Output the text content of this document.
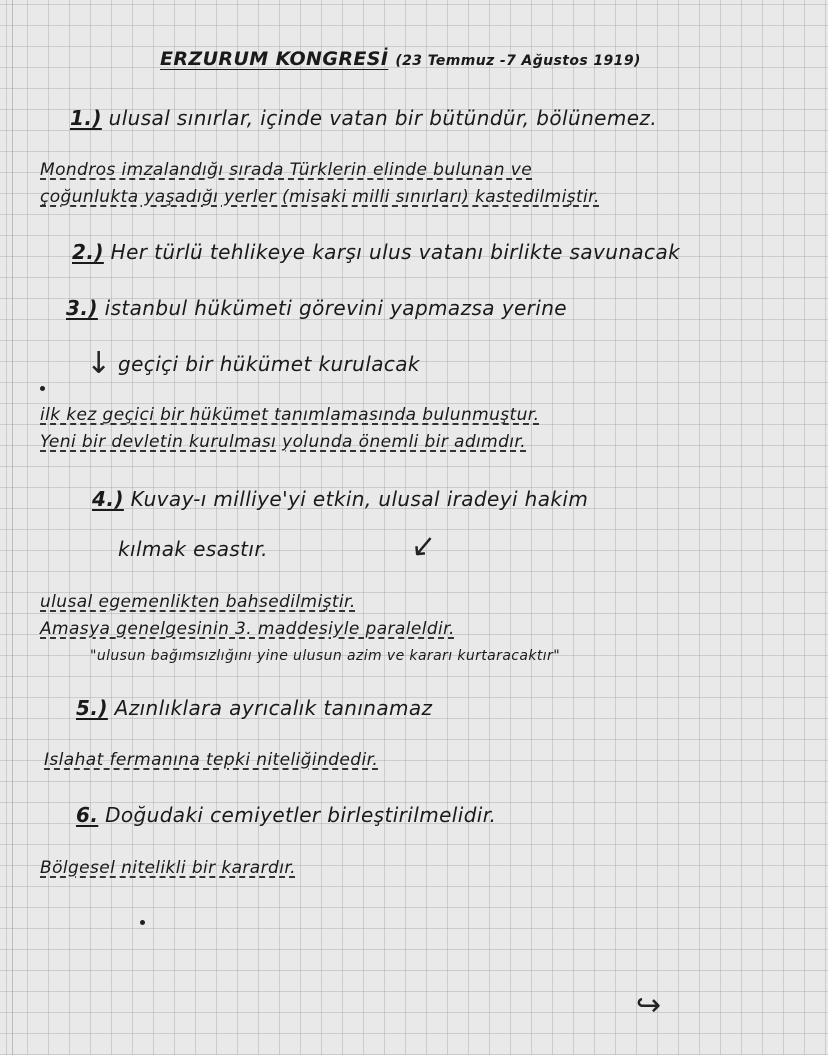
ERZURUM KONGRESİ (23 Temmuz -7 Ağustos 1919)
1.) ulusal sınırlar, içinde vatan bir bütündür, bölünemez.
Mondros imzalandığı sırada Türklerin elinde bulunan ve
çoğunlukta yaşadığı yerler (misaki milli sınırları) kastedilmiştir.
2.) Her türlü tehlikeye karşı ulus vatanı birlikte savunacak
3.) istanbul hükümeti görevini yapmazsa yerine
↓ geçiçi bir hükümet kurulacak
ilk kez geçici bir hükümet tanımlamasında bulunmuştur.
Yeni bir devletin kurulması yolunda önemli bir adımdır.
4.) Kuvay-ı milliye'yi etkin, ulusal iradeyi hakim
kılmak esastır.	↓
ulusal egemenlikten bahsedilmiştir.
Amasya genelgesinin 3. maddesiyle paraleldir.
"ulusun bağımsızlığını yine ulusun azim ve kararı kurtaracaktır"
5.) Azınlıklara ayrıcalık tanınamaz
Islahat fermanına tepki niteliğindedir.
6. Doğudaki cemiyetler birleştirilmelidir.
Bölgesel nitelikli bir karardır.
↪
